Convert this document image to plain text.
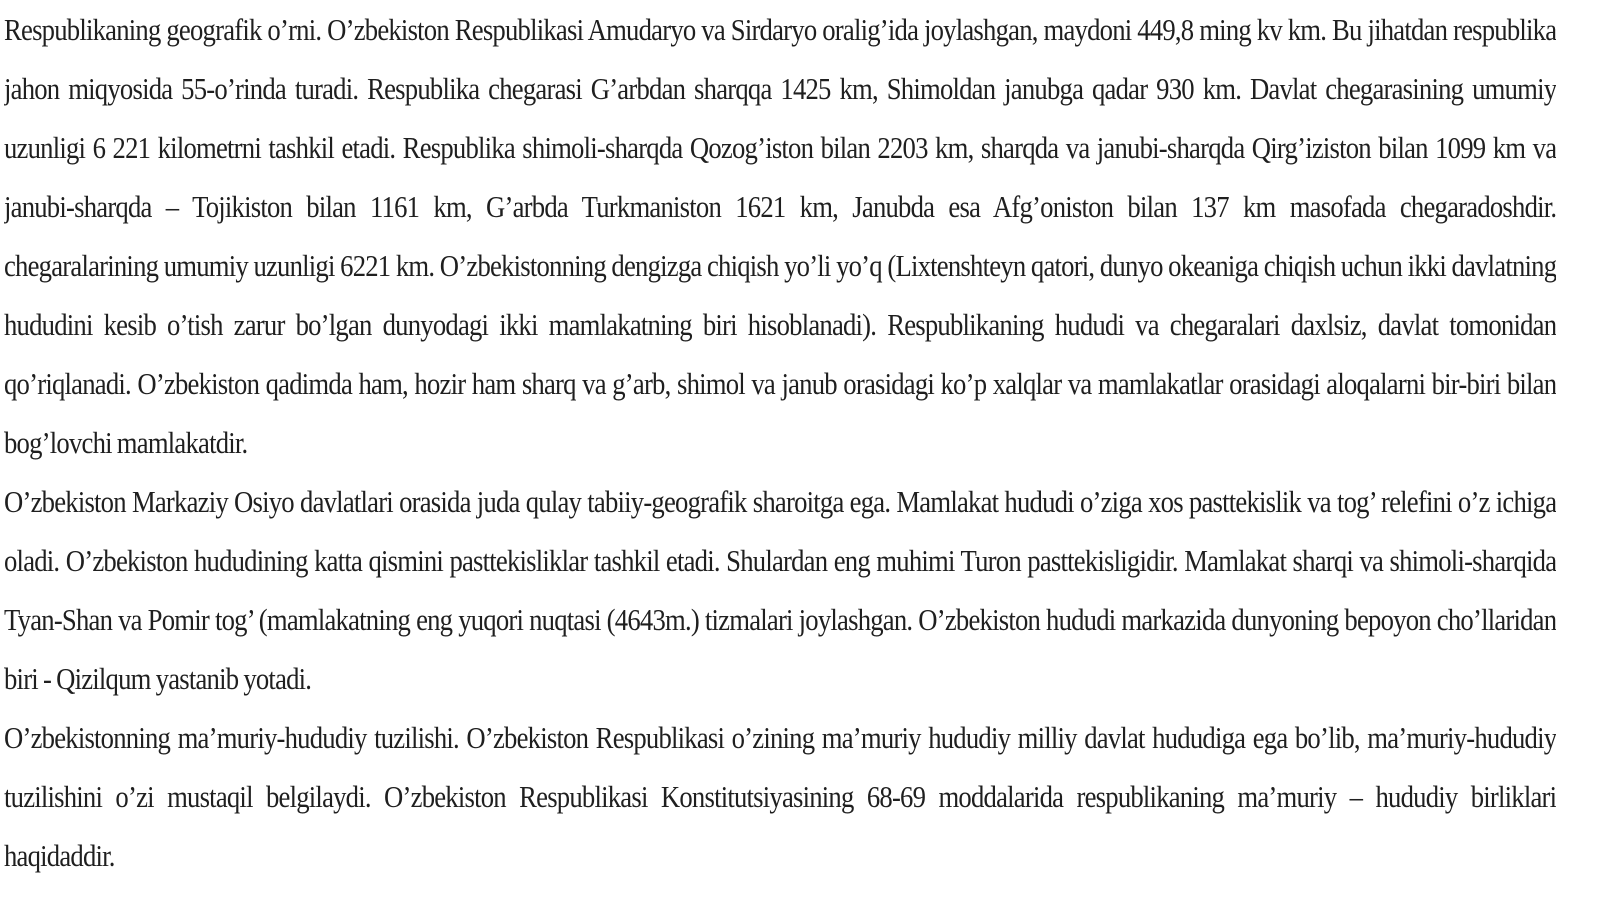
Respublikaning geografik o’rni. O’zbekiston Respublikasi Amudaryo va Sirdaryo oralig’ida joylashgan, maydoni 449,8 ming kv km. Bu jihatdan respublika jahon miqyosida 55-o’rinda turadi. Respublika chegarasi G’arbdan sharqqa 1425 km, Shimoldan janubga qadar 930 km. Davlat chegarasining umumiy uzunligi 6 221 kilometrni tashkil etadi. Respublika shimoli-sharqda Qozog’iston bilan 2203 km, sharqda va janubi-sharqda Qirg’iziston bilan 1099 km va janubi-sharqda – Tojikiston bilan 1161 km, G’arbda Turkmaniston 1621 km, Janubda esa Afg’oniston bilan 137 km masofada chegaradoshdir. chegaralarining umumiy uzunligi 6221 km. O’zbekistonning dengizga chiqish yo’li yo’q (Lixtenshteyn qatori, dunyo okeaniga chiqish uchun ikki davlatning hududini kesib o’tish zarur bo’lgan dunyodagi ikki mamlakatning biri hisoblanadi). Respublikaning hududi va chegaralari daxlsiz, davlat tomonidan qo’riqlanadi. O’zbekiston qadimda ham, hozir ham sharq va g’arb, shimol va janub orasidagi ko’p xalqlar va mamlakatlar orasidagi aloqalarni bir-biri bilan bog’lovchi mamlakatdir.

O’zbekiston Markaziy Osiyo davlatlari orasida juda qulay tabiiy-geografik sharoitga ega. Mamlakat hududi o’ziga xos pasttekislik va tog’ relefini o’z ichiga oladi. O’zbekiston hududining katta qismini pasttekisliklar tashkil etadi. Shulardan eng muhimi Turon pasttekisligidir. Mamlakat sharqi va shimoli-sharqida Tyan-Shan va Pomir tog’ (mamlakatning eng yuqori nuqtasi (4643m.) tizmalari joylashgan. O’zbekiston hududi markazida dunyoning bepoyon cho’llaridan biri - Qizilqum yastanib yotadi.

O’zbekistonning ma’muriy-hududiy tuzilishi. O’zbekiston Respublikasi o’zining ma’muriy hududiy milliy davlat hududiga ega bo’lib, ma’muriy-hududiy tuzilishini o’zi mustaqil belgilaydi. O’zbekiston Respublikasi Konstitutsiyasining 68-69 moddalarida respublikaning ma’muriy – hududiy birliklari haqidaddir.
